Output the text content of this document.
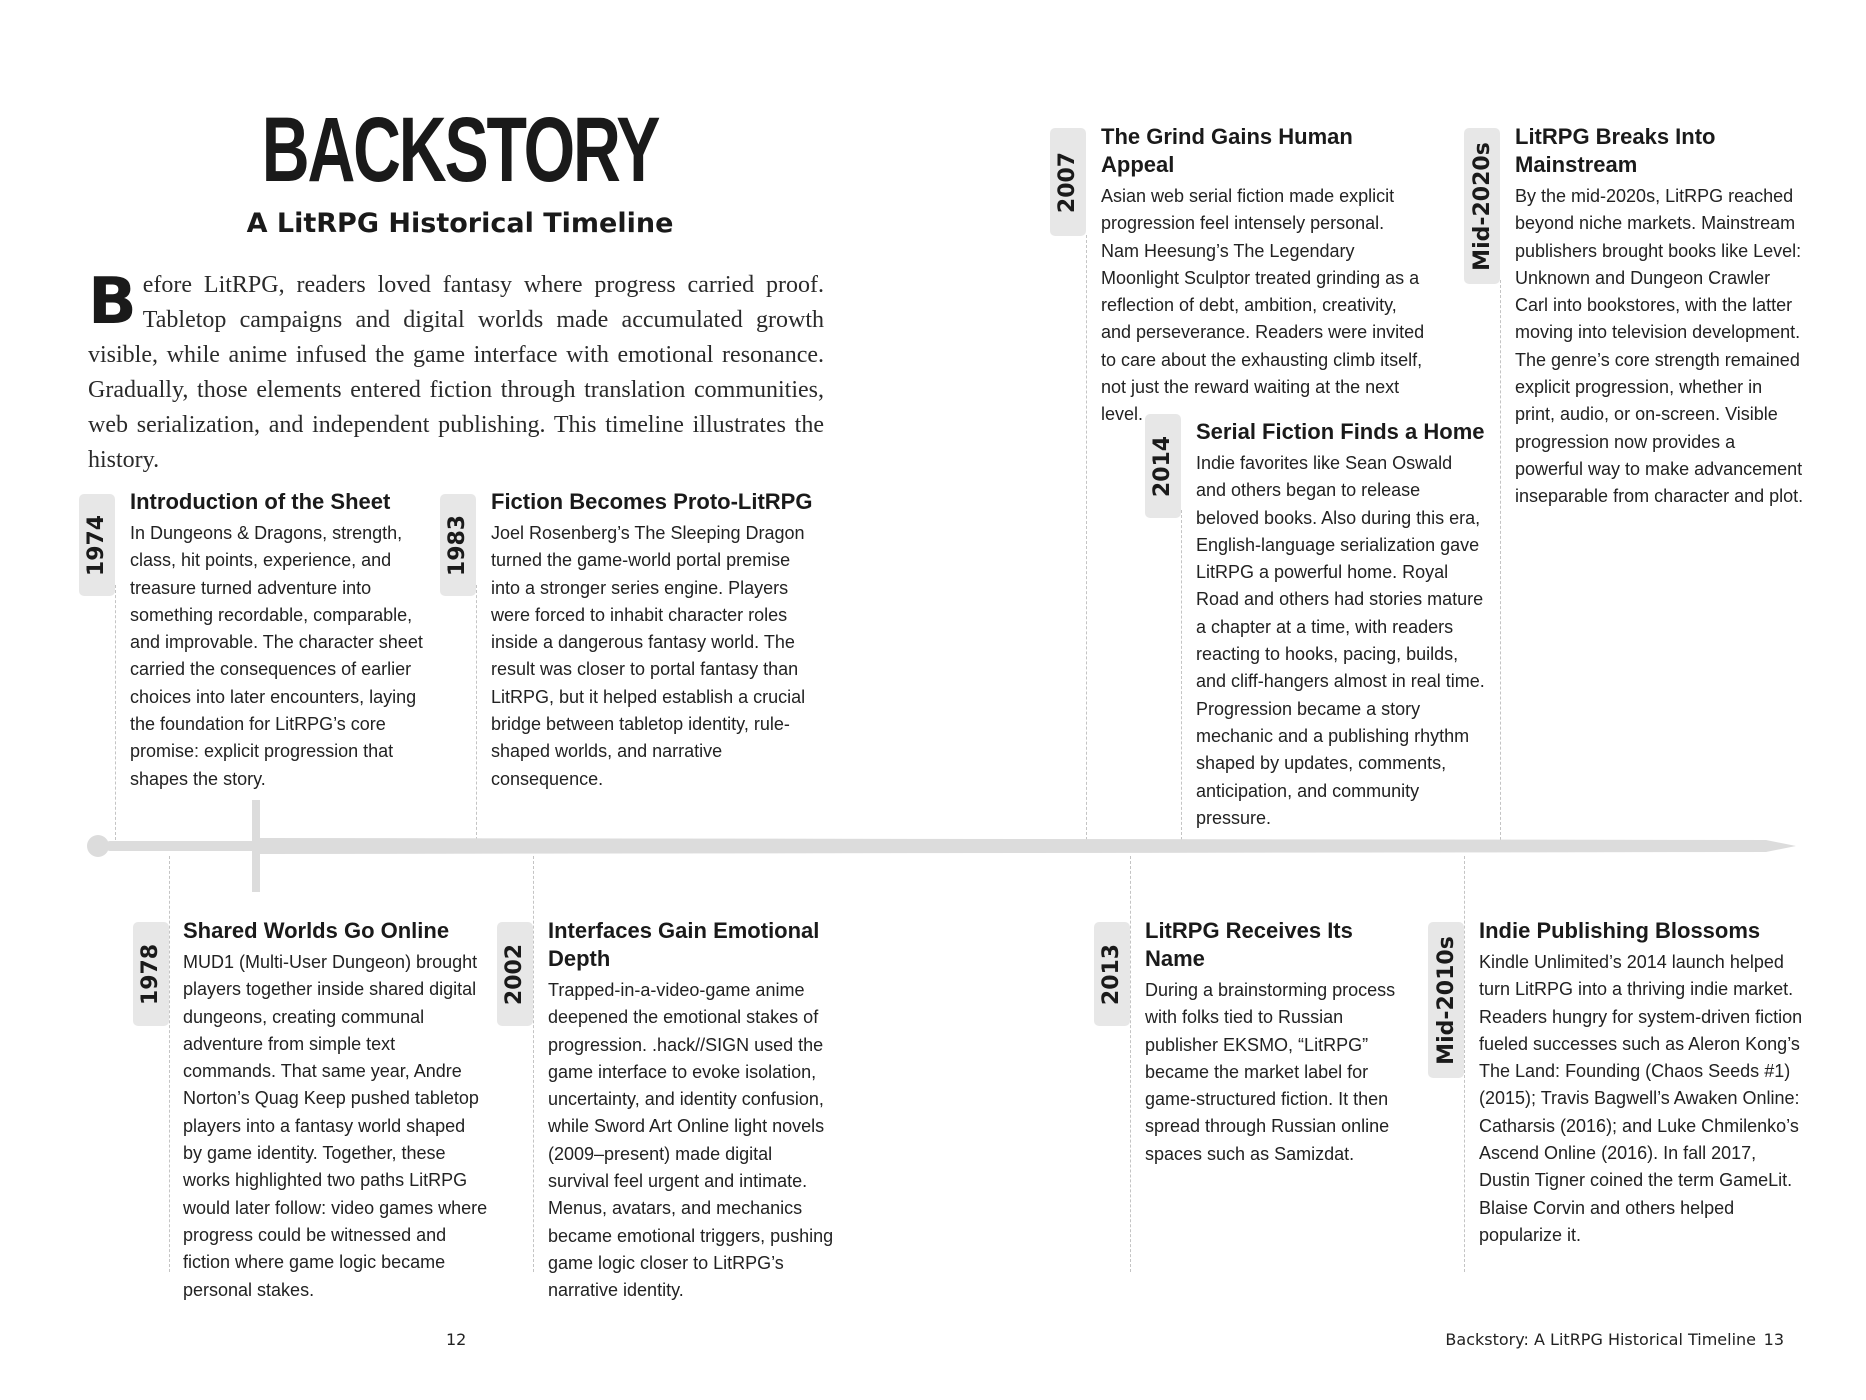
BACKSTORY
A LitRPG Historical Timeline

Before LitRPG, readers loved fantasy where progress carried proof. Tabletop campaigns and digital worlds made accumulated growth visible, while anime infused the game interface with emotional resonance. Gradually, those elements entered fiction through translation communities, web serialization, and independent publishing. This timeline illustrates the history.

1974	1983
2007
2014
Mid-2020s
1978	2002	2013	Mid-2010s
Introduction of the Sheet

In Dungeons & Dragons, strength, class, hit points, experience, and treasure turned adventure into something recordable, comparable, and improvable. The character sheet carried the consequences of earlier choices into later encounters, laying the foundation for LitRPG’s core promise: explicit progression that shapes the story.

Fiction Becomes Proto-LitRPG

Joel Rosenberg’s The Sleeping Dragon turned the game-world portal premise into a stronger series engine. Players were forced to inhabit character roles inside a dangerous fantasy world. The result was closer to portal fantasy than LitRPG, but it helped establish a crucial bridge between tabletop identity, rule-shaped worlds, and narrative consequence.

The Grind Gains Human Appeal

Asian web serial fiction made explicit progression feel intensely personal. Nam Heesung’s The Legendary Moonlight Sculptor treated grinding as a reflection of debt, ambition, creativity, and perseverance. Readers were invited to care about the exhausting climb itself, not just the reward waiting at the next level.

Serial Fiction Finds a Home

Indie favorites like Sean Oswald and others began to release beloved books. Also during this era, English-language serialization gave LitRPG a powerful home. Royal Road and others had stories mature a chapter at a time, with readers reacting to hooks, pacing, builds, and cliff-hangers almost in real time. Progression became a story mechanic and a publishing rhythm shaped by updates, comments, anticipation, and community pressure.

LitRPG Breaks Into Mainstream

By the mid-2020s, LitRPG reached beyond niche markets. Mainstream publishers brought books like Level: Unknown and Dungeon Crawler Carl into bookstores, with the latter moving into television development. The genre’s core strength remained explicit progression, whether in print, audio, or on-screen. Visible progression now provides a powerful way to make advancement inseparable from character and plot.

Shared Worlds Go Online

MUD1 (Multi-User Dungeon) brought players together inside shared digital dungeons, creating communal adventure from simple text commands. That same year, Andre Norton’s Quag Keep pushed tabletop players into a fantasy world shaped by game identity. Together, these works highlighted two paths LitRPG would later follow: video games where progress could be witnessed and fiction where game logic became personal stakes.

Interfaces Gain Emotional Depth

Trapped-in-a-video-game anime deepened the emotional stakes of progression. .hack//SIGN used the game interface to evoke isolation, uncertainty, and identity confusion, while Sword Art Online light novels (2009–present) made digital survival feel urgent and intimate. Menus, avatars, and mechanics became emotional triggers, pushing game logic closer to LitRPG’s narrative identity.

LitRPG Receives Its Name

During a brainstorming process with folks tied to Russian publisher EKSMO, “LitRPG” became the market label for game-structured fiction. It then spread through Russian online spaces such as Samizdat.

Indie Publishing Blossoms

Kindle Unlimited’s 2014 launch helped turn LitRPG into a thriving indie market. Readers hungry for system-driven fiction fueled successes such as Aleron Kong’s The Land: Founding (Chaos Seeds #1) (2015); Travis Bagwell’s Awaken Online: Catharsis (2016); and Luke Chmilenko’s Ascend Online (2016). In fall 2017, Dustin Tigner coined the term GameLit. Blaise Corvin and others helped popularize it.

12	Backstory: A LitRPG Historical Timeline 13
